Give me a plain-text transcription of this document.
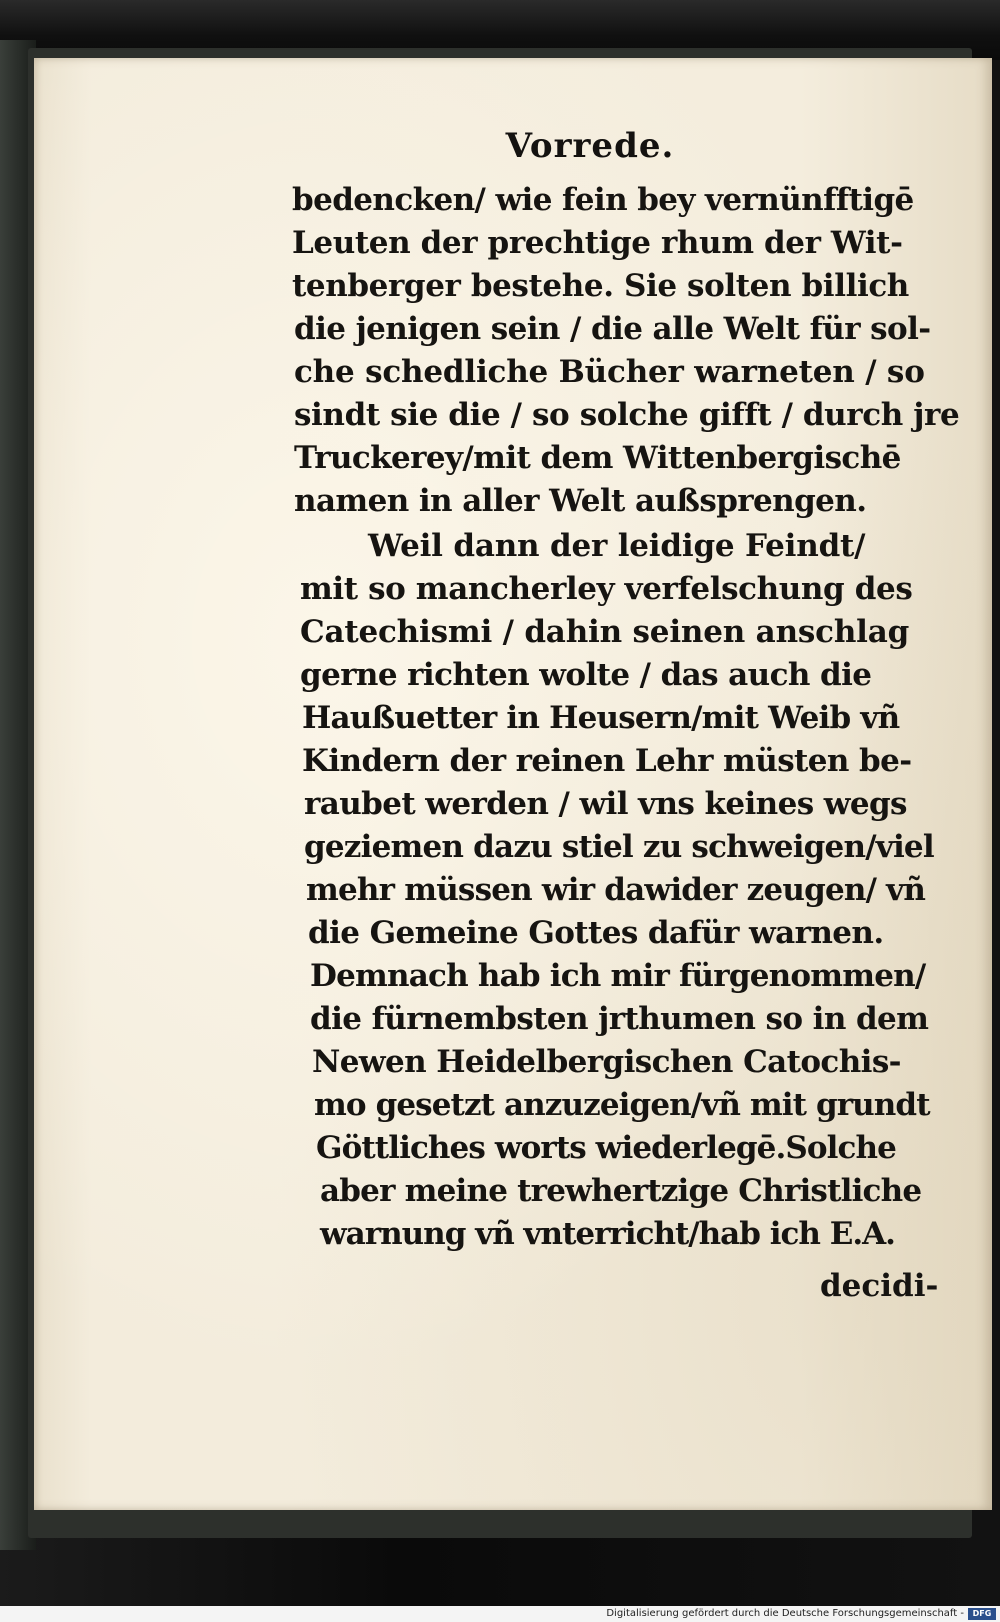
Vorrede.
bedencken/ wie fein bey vernünfftigē
Leuten der prechtige rhum der Wit-
tenberger bestehe. Sie solten billich
die jenigen sein / die alle Welt für sol-
che schedliche Bücher warneten / so
sindt sie die / so solche gifft / durch jre
Truckerey/mit dem Wittenbergischē
namen in aller Welt außsprengen.
Weil dann der leidige Feindt/
mit so mancherley verfelschung des
Catechismi / dahin seinen anschlag
gerne richten wolte / das auch die
Haußuetter in Heusern/mit Weib vñ
Kindern der reinen Lehr müsten be-
raubet werden / wil vns keines wegs
geziemen dazu stiel zu schweigen/viel
mehr müssen wir dawider zeugen/ vñ
die Gemeine Gottes dafür warnen.
Demnach hab ich mir fürgenommen/
die fürnembsten jrthumen so in dem
Newen Heidelbergischen Catochis-
mo gesetzt anzuzeigen/vñ mit grundt
Göttliches worts wiederlegē.Solche
aber meine trewhertzige Christliche
warnung vñ vnterricht/hab ich E.A.
decidi-
Digitalisierung gefördert durch die Deutsche Forschungsgemeinschaft -	DFG
